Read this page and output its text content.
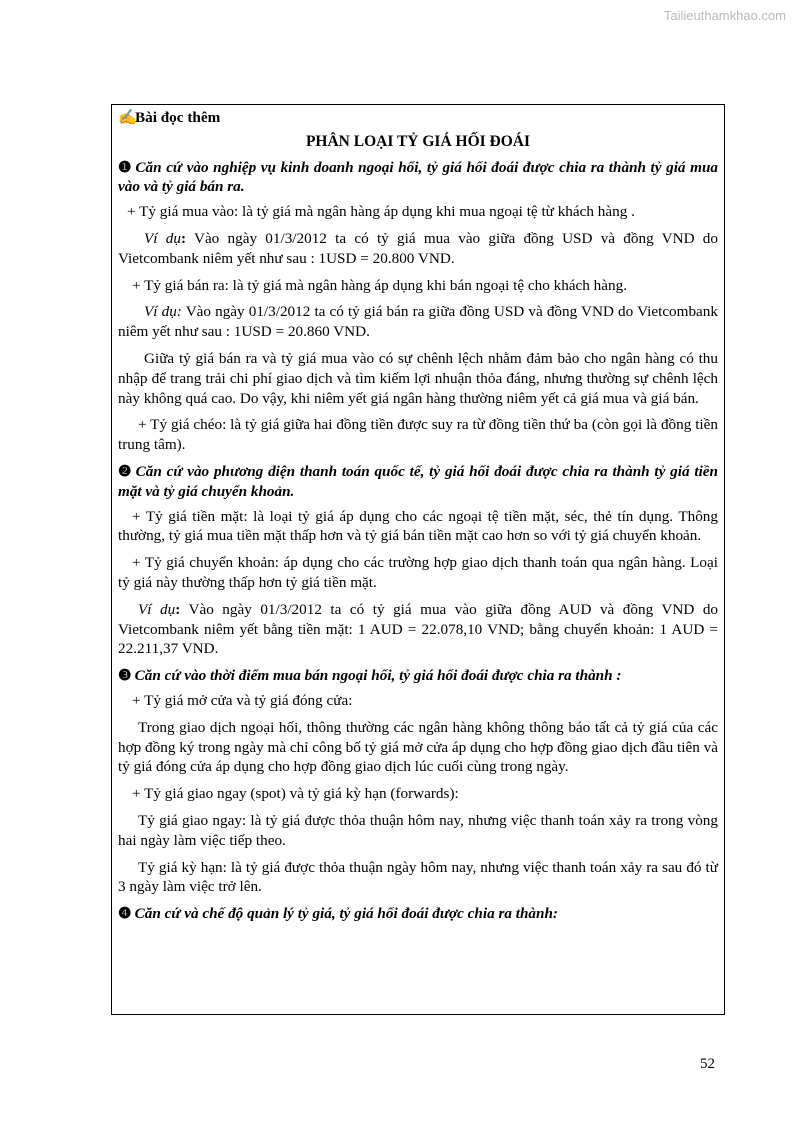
Tailieuthamkhao.com

✍Bài đọc thêm

PHÂN LOẠI TỶ GIÁ HỐI ĐOÁI

❶ Căn cứ vào nghiệp vụ kinh doanh ngoại hối, tỷ giá hối đoái được chia ra thành tỷ giá mua vào và tỷ giá bán ra.

+ Tỷ giá mua vào: là tỷ giá mà ngân hàng áp dụng khi mua ngoại tệ từ khách hàng .

Ví dụ: Vào ngày 01/3/2012 ta có tỷ giá mua vào giữa đồng USD và đồng VND do Vietcombank niêm yết như sau : 1USD = 20.800 VND.

+ Tỷ giá bán ra: là tỷ giá mà ngân hàng áp dụng khi bán ngoại tệ cho khách hàng.

Ví dụ: Vào ngày 01/3/2012 ta có tỷ giá bán ra giữa đồng USD và đồng VND do Vietcombank niêm yết như sau : 1USD = 20.860 VND.

Giữa tỷ giá bán ra và tỷ giá mua vào có sự chênh lệch nhằm đảm bảo cho ngân hàng có thu nhập để trang trải chi phí giao dịch và tìm kiếm lợi nhuận thỏa đáng, nhưng thường sự chênh lệch này không quá cao. Do vậy, khi niêm yết giá ngân hàng thường niêm yết cả giá mua và giá bán.

+ Tỷ giá chéo: là tỷ giá giữa hai đồng tiền được suy ra từ đồng tiền thứ ba (còn gọi là đồng tiền trung tâm).

❷ Căn cứ vào phương diện thanh toán quốc tế, tỷ giá hối đoái được chia ra thành tỷ giá tiền mặt và tỷ giá chuyển khoản.

+ Tỷ giá tiền mặt: là loại tỷ giá áp dụng cho các ngoại tệ tiền mặt, séc, thẻ tín dụng. Thông thường, tỷ giá mua tiền mặt thấp hơn và tỷ giá bán tiền mặt cao hơn so với tỷ giá chuyển khoản.

+ Tỷ giá chuyển khoản: áp dụng cho các trường hợp giao dịch thanh toán qua ngân hàng. Loại tỷ giá này thường thấp hơn tỷ giá tiền mặt.

Ví dụ: Vào ngày 01/3/2012 ta có tỷ giá mua vào giữa đồng AUD và đồng VND do Vietcombank niêm yết bằng tiền mặt: 1 AUD = 22.078,10 VND; bằng chuyển khoản: 1 AUD = 22.211,37 VND.

❸ Căn cứ vào thời điểm mua bán ngoại hối, tỷ giá hối đoái được chia ra thành :

+ Tỷ giá mở cửa và tỷ giá đóng cửa:

Trong giao dịch ngoại hối, thông thường các ngân hàng không thông báo tất cả tỷ giá của các hợp đồng ký trong ngày mà chỉ công bố tỷ giá mở cửa áp dụng cho hợp đồng giao dịch đầu tiên và tỷ giá đóng cửa áp dụng cho hợp đồng giao dịch lúc cuối cùng trong ngày.

+ Tỷ giá giao ngay (spot) và tỷ giá kỳ hạn (forwards):

Tỷ giá giao ngay: là tỷ giá được thỏa thuận hôm nay, nhưng việc thanh toán xảy ra trong vòng hai ngày làm việc tiếp theo.

Tỷ giá kỳ hạn: là tỷ giá được thỏa thuận ngày hôm nay, nhưng việc thanh toán xảy ra sau đó từ 3 ngày làm việc trở lên.

❹ Căn cứ và chế độ quản lý tỷ giá, tỷ giá hối đoái được chia ra thành:

52
